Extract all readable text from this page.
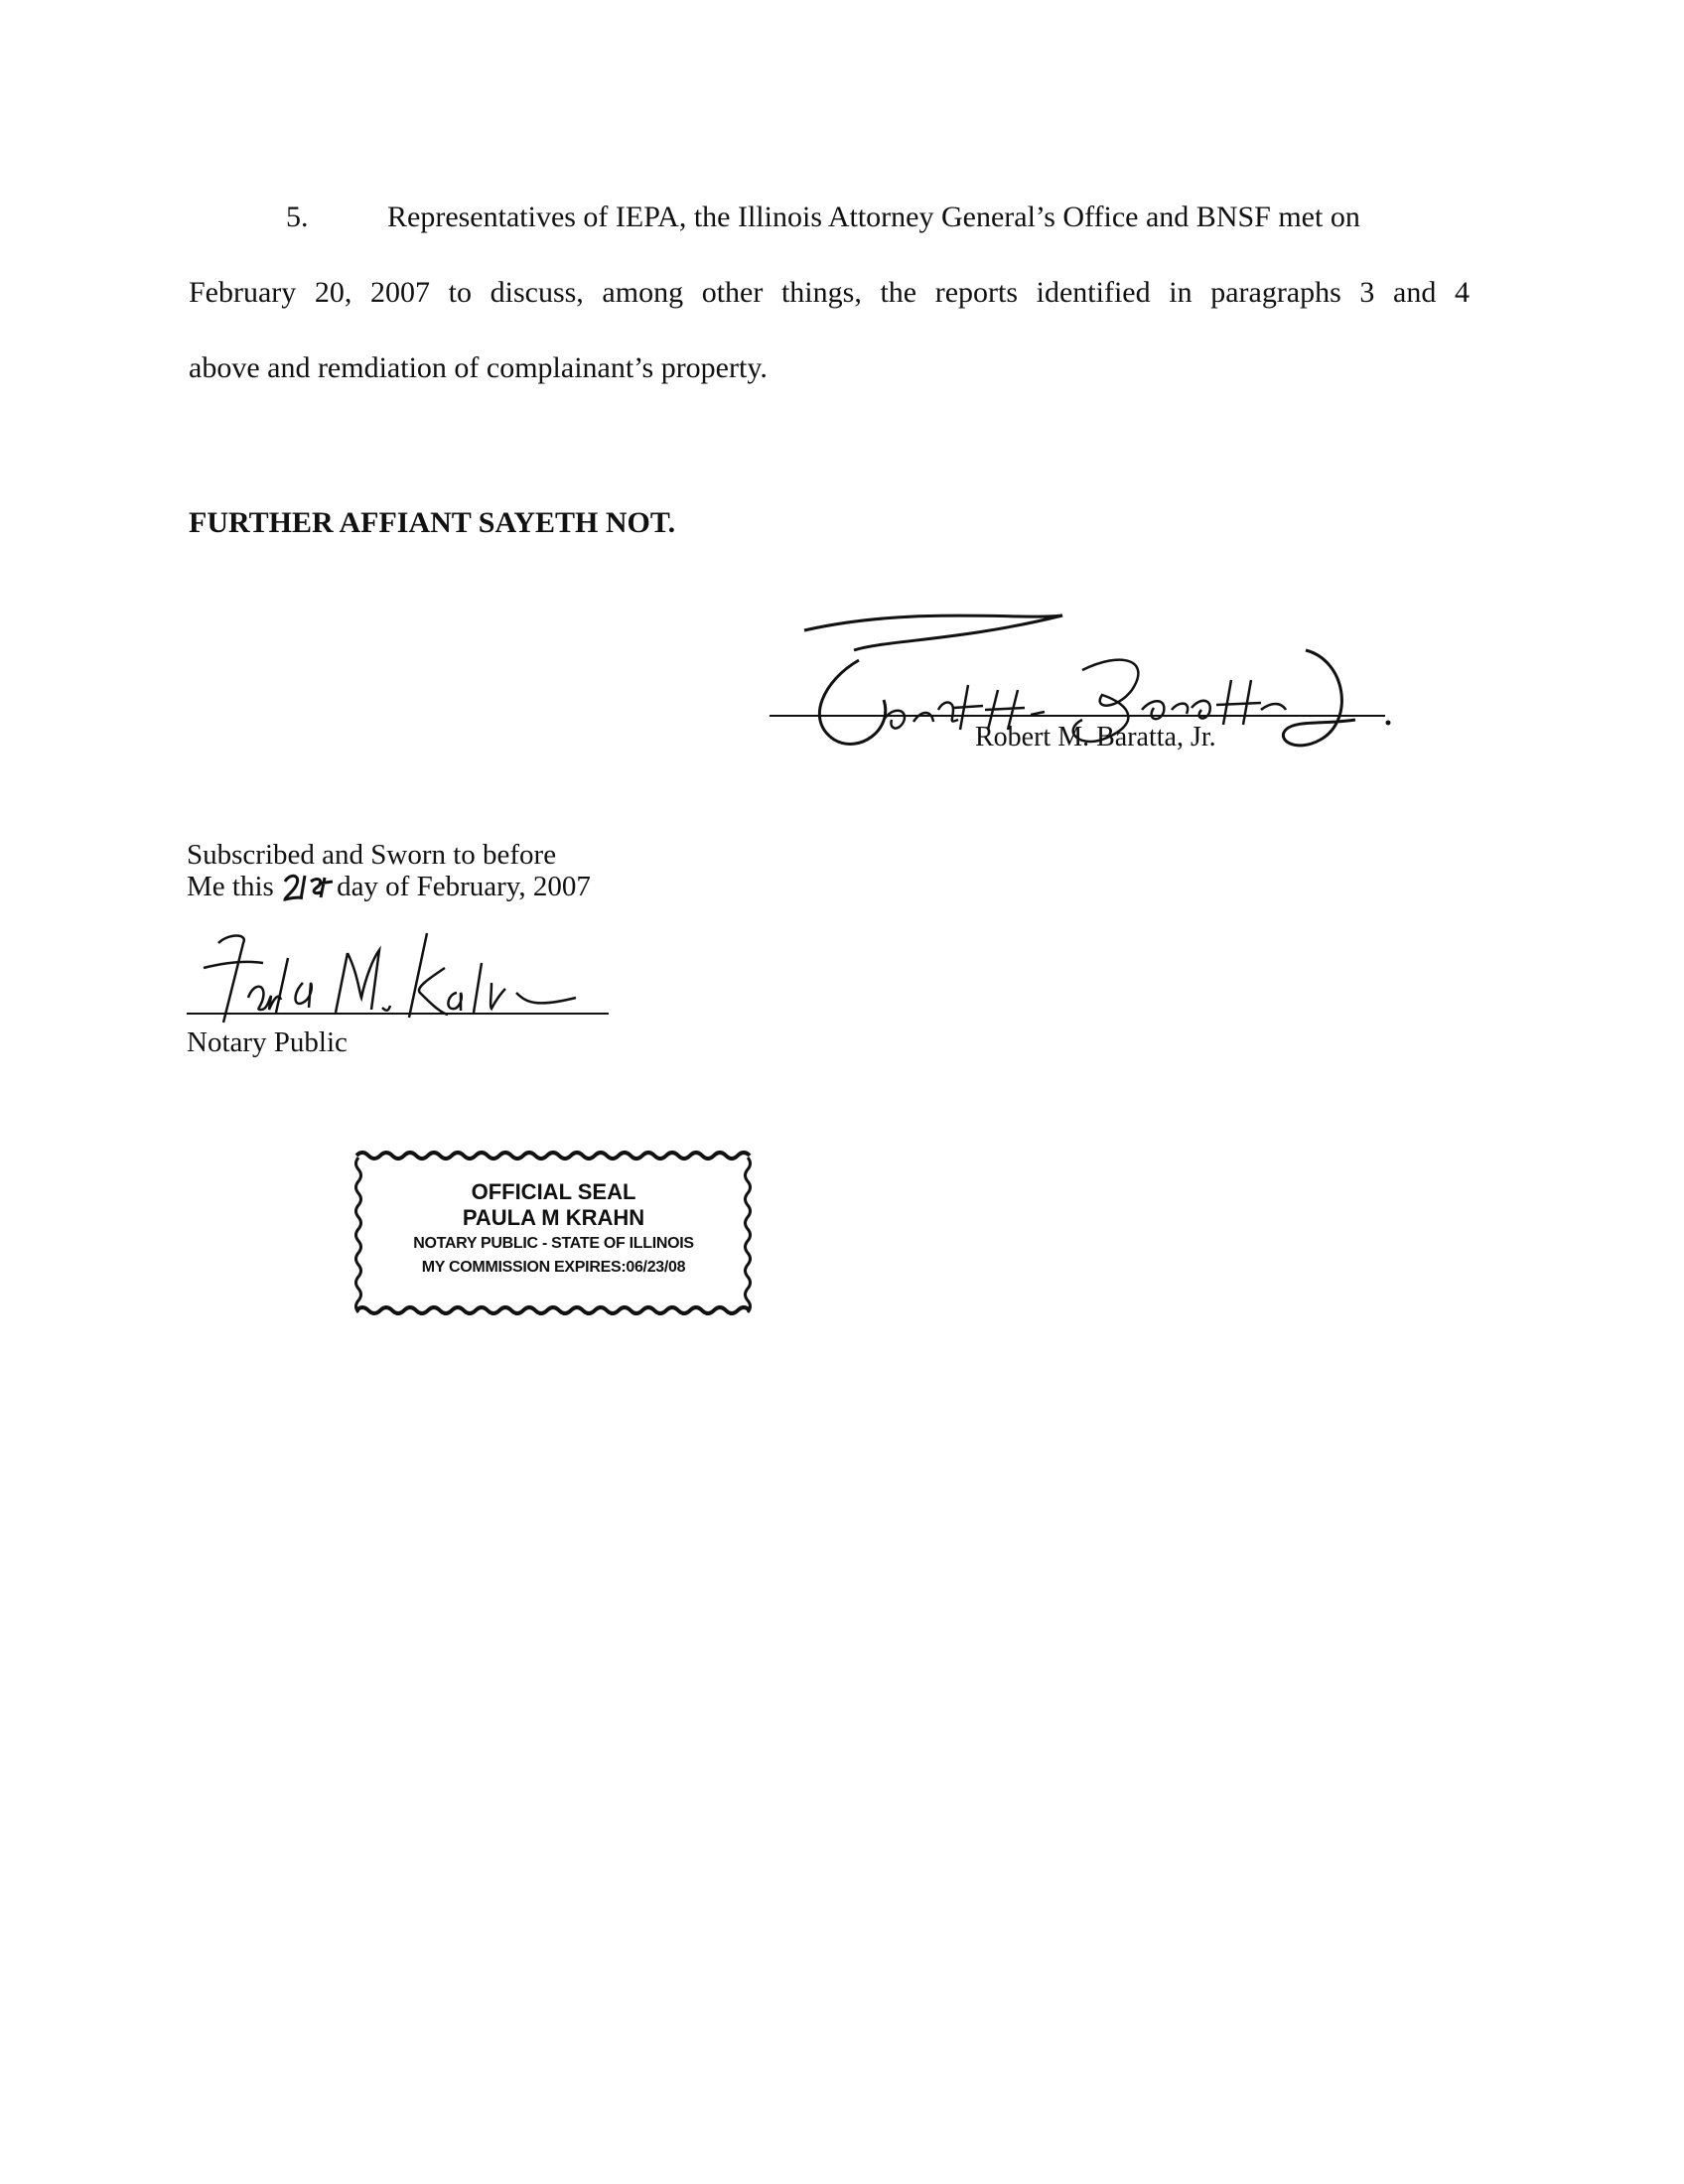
5.	Representatives of IEPA, the Illinois Attorney General’s Office and BNSF met on
February 20, 2007 to discuss, among other things, the reports identified in paragraphs 3 and 4
above and remdiation of complainant’s property.
FURTHER AFFIANT SAYETH NOT.
Robert M. Baratta, Jr.
Subscribed and Sworn to before
Me this day of February, 2007
Notary Public
OFFICIAL SEAL
PAULA M KRAHN
NOTARY PUBLIC - STATE OF ILLINOIS
MY COMMISSION EXPIRES:06/23/08
